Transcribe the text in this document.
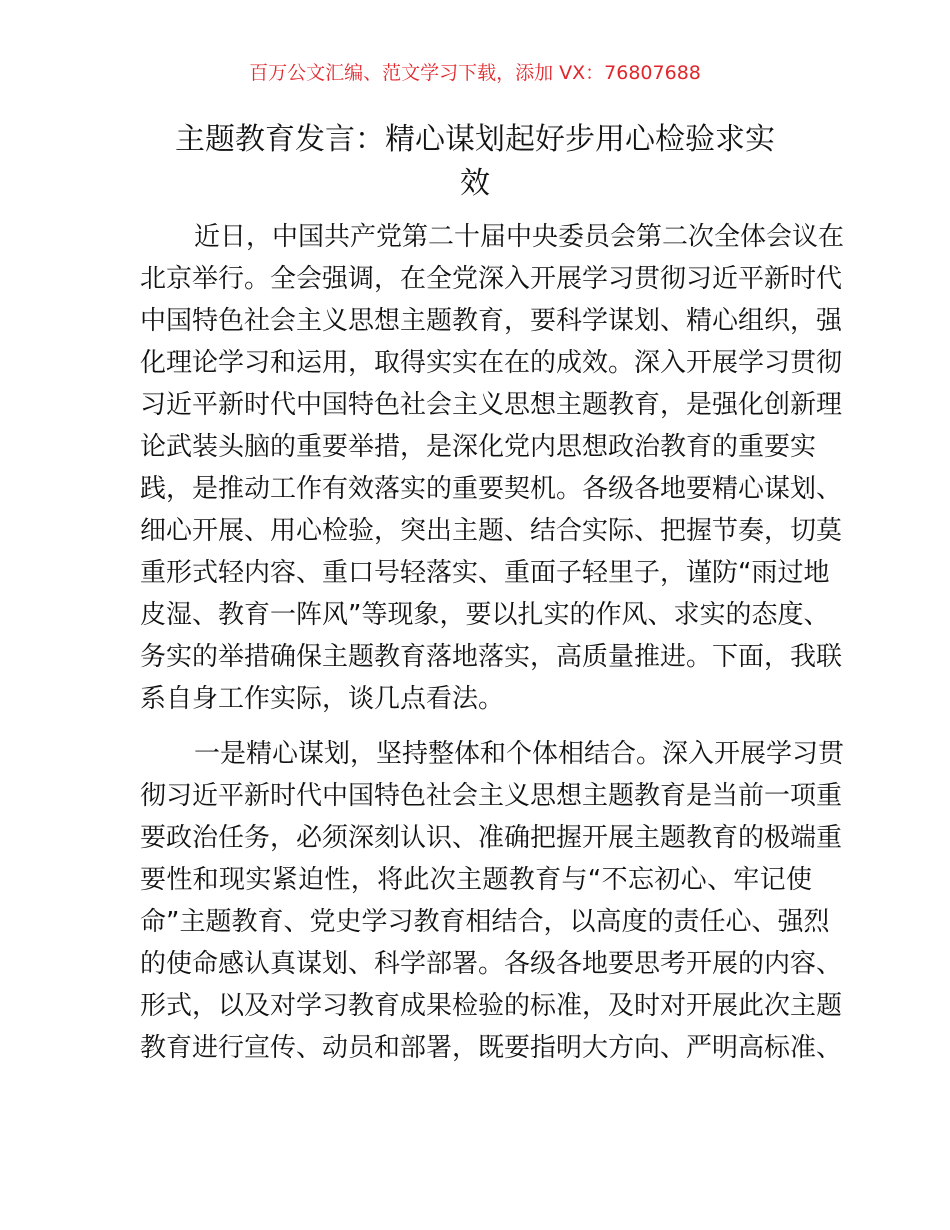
百万公文汇编、范文学习下载，添加 VX：76807688
主题教育发言：精心谋划起好步用心检验求实
效
近日，中国共产党第二十届中央委员会第二次全体会议在
北京举行。全会强调，在全党深入开展学习贯彻习近平新时代
中国特色社会主义思想主题教育，要科学谋划、精心组织，强
化理论学习和运用，取得实实在在的成效。深入开展学习贯彻
习近平新时代中国特色社会主义思想主题教育，是强化创新理
论武装头脑的重要举措，是深化党内思想政治教育的重要实
践，是推动工作有效落实的重要契机。各级各地要精心谋划、
细心开展、用心检验，突出主题、结合实际、把握节奏，切莫
重形式轻内容、重口号轻落实、重面子轻里子，谨防“雨过地
皮湿、教育一阵风”等现象，要以扎实的作风、求实的态度、
务实的举措确保主题教育落地落实，高质量推进。下面，我联
系自身工作实际，谈几点看法。
一是精心谋划，坚持整体和个体相结合。深入开展学习贯
彻习近平新时代中国特色社会主义思想主题教育是当前一项重
要政治任务，必须深刻认识、准确把握开展主题教育的极端重
要性和现实紧迫性，将此次主题教育与“不忘初心、牢记使
命”主题教育、党史学习教育相结合，以高度的责任心、强烈
的使命感认真谋划、科学部署。各级各地要思考开展的内容、
形式，以及对学习教育成果检验的标准，及时对开展此次主题
教育进行宣传、动员和部署，既要指明大方向、严明高标准、
